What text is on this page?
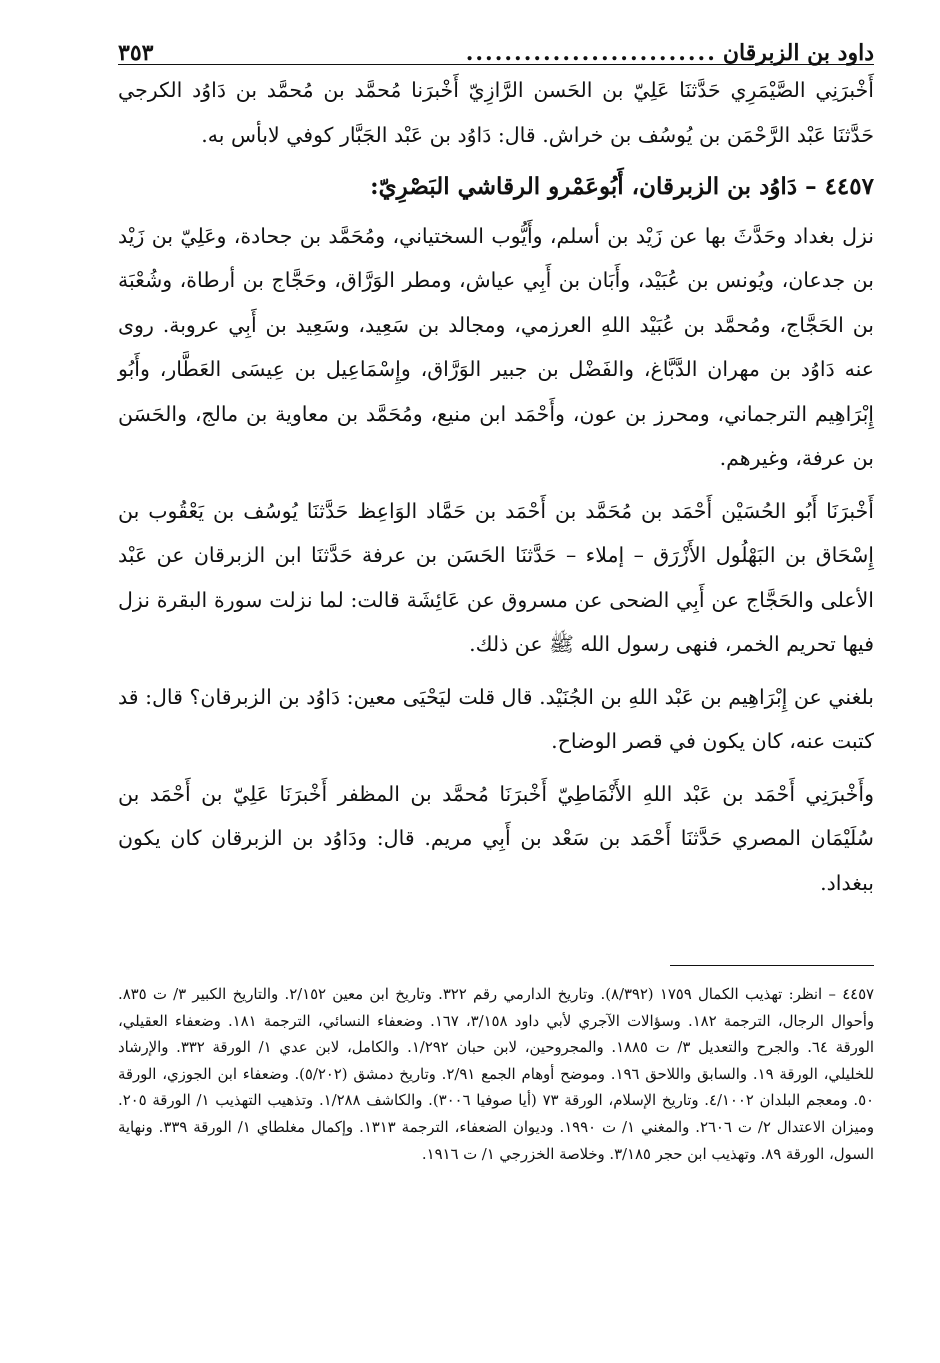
داود بن الزبرقان
..........................
٣٥٣

أَخْبرَنِي الصَّيْمَرِي حَدَّثنَا عَلِيّ بن الحَسن الرَّازِيّ أَخْبرَنا مُحمَّد بن مُحمَّد بن دَاوُد الكرجي حَدَّثنَا عَبْد الرَّحْمَن بن يُوسُف بن خراش. قال: دَاوُد بن عَبْد الجَبَّار كوفي لابأس به.

٤٤٥٧ – دَاوُد بن الزبرقان، أَبُوعَمْرو الرقاشي البَصْرِيّ:

نزل بغداد وحَدَّثَ بها عن زَيْد بن أسلم، وأَيُّوب السختياني، ومُحَمَّد بن جحادة، وعَلِيّ بن زَيْد بن جدعان، ويُونس بن عُبَيْد، وأَبَان بن أَبِي عياش، ومطر الوَرَّاق، وحَجَّاج بن أرطاة، وشُعْبَة بن الحَجَّاج، ومُحمَّد بن عُبَيْد اللهِ العرزمي، ومجالد بن سَعِيد، وسَعِيد بن أَبِي عروبة. روى عنه دَاوُد بن مهران الدَّبَّاغ، والفَضْل بن جبير الوَرَّاق، وإِسْمَاعِيل بن عِيسَى العَطَّار، وأَبُو إِبْرَاهِيم الترجماني، ومحرز بن عون، وأَحْمَد ابن منيع، ومُحَمَّد بن معاوية بن مالج، والحَسَن بن عرفة، وغيرهم.

أَخْبرَنَا أَبُو الحُسَيْن أَحْمَد بن مُحَمَّد بن أَحْمَد بن حَمَّاد الوَاعِظ حَدَّثنَا يُوسُف بن يَعْقُوب بن إِسْحَاق بن البَهْلُول الأَزْرَق – إملاء – حَدَّثنَا الحَسَن بن عرفة حَدَّثنَا ابن الزبرقان عن عَبْد الأعلى والحَجَّاج عن أَبِي الضحى عن مسروق عن عَائِشَة قالت: لما نزلت سورة البقرة نزل فيها تحريم الخمر، فنهى رسول الله ﷺ عن ذلك.

بلغني عن إِبْرَاهِيم بن عَبْد اللهِ بن الجُنَيْد. قال قلت ليَحْيَى معين: دَاوُد بن الزبرقان؟ قال: قد كتبت عنه، كان يكون في قصر الوضاح.

وأَخْبرَنِي أَحْمَد بن عَبْد اللهِ الأَنْمَاطِيّ أَخْبرَنَا مُحمَّد بن المظفر أَخْبرَنَا عَلِيّ بن أَحْمَد بن سُلَيْمَان المصري حَدَّثنَا أَحْمَد بن سَعْد بن أَبِي مريم. قال: ودَاوُد بن الزبرقان كان يكون ببغداد.

٤٤٥٧ – انظر: تهذيب الكمال ١٧٥٩ (٨/٣٩٢). وتاريخ الدارمي رقم ٣٢٢. وتاريخ ابن معين ٢/١٥٢. والتاريخ الكبير ٣/ ت ٨٣٥. وأحوال الرجال، الترجمة ١٨٢. وسؤالات الآجري لأبي داود ٣/١٥٨، ١٦٧. وضعفاء النسائي، الترجمة ١٨١. وضعفاء العقيلي، الورقة ٦٤. والجرح والتعديل ٣/ ت ١٨٨٥. والمجروحين، لابن حبان ١/٢٩٢. والكامل، لابن عدي ١/ الورقة ٣٣٢. والإرشاد للخليلي، الورقة ١٩. والسابق واللاحق ١٩٦. وموضح أوهام الجمع ٢/٩١. وتاريخ دمشق (٥/٢٠٢). وضعفاء ابن الجوزي، الورقة ٥٠. ومعجم البلدان ٤/١٠٠٢. وتاريخ الإسلام، الورقة ٧٣ (أيا صوفيا ٣٠٠٦). والكاشف ١/٢٨٨. وتذهيب التهذيب ١/ الورقة ٢٠٥. وميزان الاعتدال ٢/ ت ٢٦٠٦. والمغني ١/ ت ١٩٩٠. وديوان الضعفاء، الترجمة ١٣١٣. وإكمال مغلطاي ١/ الورقة ٣٣٩. ونهاية السول، الورقة ٨٩. وتهذيب ابن حجر ٣/١٨٥. وخلاصة الخزرجي ١/ ت ١٩١٦.
